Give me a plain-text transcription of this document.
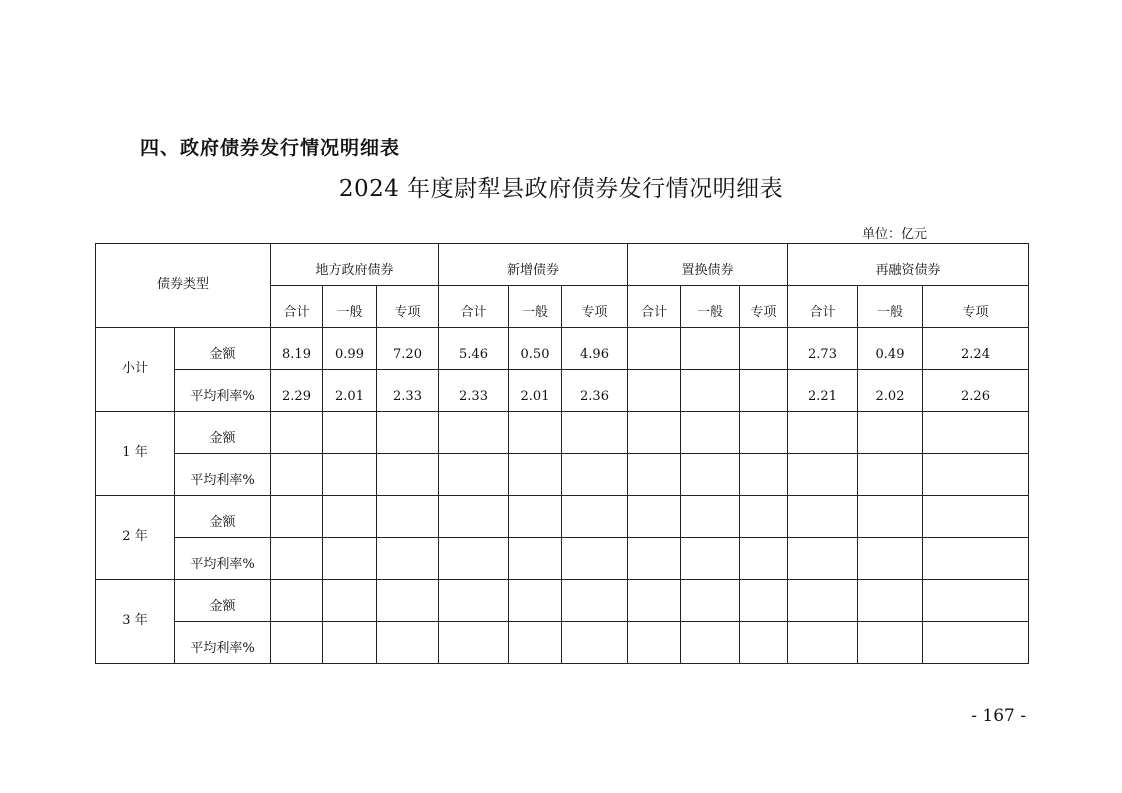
四、政府债券发行情况明细表
2024 年度尉犁县政府债券发行情况明细表
单位：亿元
债券类型		地方政府债券			新增债券			置换债券			再融资债券		
		合计	一般	专项	合计	一般	专项	合计	一般	专项	合计	一般	专项
小计	金额	8.19	0.99	7.20	5.46	0.50	4.96				2.73	0.49	2.24
	平均利率%	2.29	2.01	2.33	2.33	2.01	2.36				2.21	2.02	2.26
1 年	金额												
	平均利率%												
2 年	金额												
	平均利率%												
3 年	金额												
	平均利率%												
- 167 -
